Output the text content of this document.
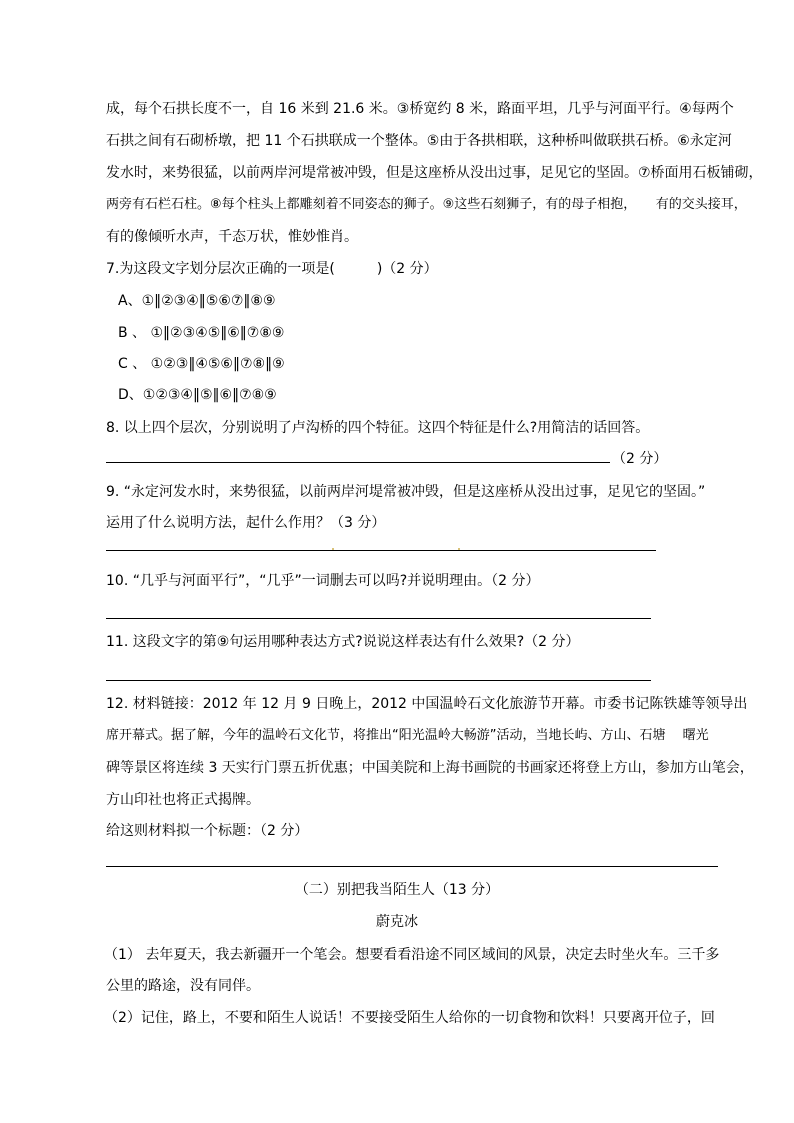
成，每个石拱长度不一，自 16 米到 21.6 米。③桥宽约 8 米，路面平坦，几乎与河面平行。④每两个
石拱之间有石砌桥墩，把 11 个石拱联成一个整体。⑤由于各拱相联，这种桥叫做联拱石桥。⑥永定河
发水时，来势很猛，以前两岸河堤常被冲毁，但是这座桥从没出过事，足见它的坚固。⑦桥面用石板铺砌，
两旁有石栏石柱。⑧每个柱头上都雕刻着不同姿态的狮子。⑨这些石刻狮子，有的母子相抱，　　有的交头接耳，
有的像倾听水声，千态万状，惟妙惟肖。
7.为这段文字划分层次正确的一项是(　　　)（2 分）
A、①‖②③④‖⑤⑥⑦‖⑧⑨
B 、 ①‖②③④⑤‖⑥‖⑦⑧⑨
C 、 ①②③‖④⑤⑥‖⑦⑧‖⑨
D、①②③④‖⑤‖⑥‖⑦⑧⑨
8. 以上四个层次，分别说明了卢沟桥的四个特征。这四个特征是什么?用简洁的话回答。
（2 分）
9. “永定河发水时，来势很猛，以前两岸河堤常被冲毁，但是这座桥从没出过事，足见它的坚固。”
运用了什么说明方法，起什么作用？（3 分）
10. “几乎与河面平行”，“几乎”一词删去可以吗?并说明理由。（2 分）
11. 这段文字的第⑨句运用哪种表达方式?说说这样表达有什么效果?（2 分）
12. 材料链接：2012 年 12 月 9 日晚上，2012 中国温岭石文化旅游节开幕。市委书记陈铁雄等领导出
席开幕式。据了解，今年的温岭石文化节，将推出“阳光温岭大畅游”活动，当地长屿、方山、石塘　 曙光
碑等景区将连续 3 天实行门票五折优惠；中国美院和上海书画院的书画家还将登上方山，参加方山笔会，
方山印社也将正式揭牌。
给这则材料拟一个标题：（2 分）
（二）别把我当陌生人（13 分）
蔚克冰
（1） 去年夏天，我去新疆开一个笔会。想要看看沿途不同区域间的风景，决定去时坐火车。三千多
公里的路途，没有同伴。
（2）记住，路上，不要和陌生人说话！不要接受陌生人给你的一切食物和饮料！只要离开位子，回
